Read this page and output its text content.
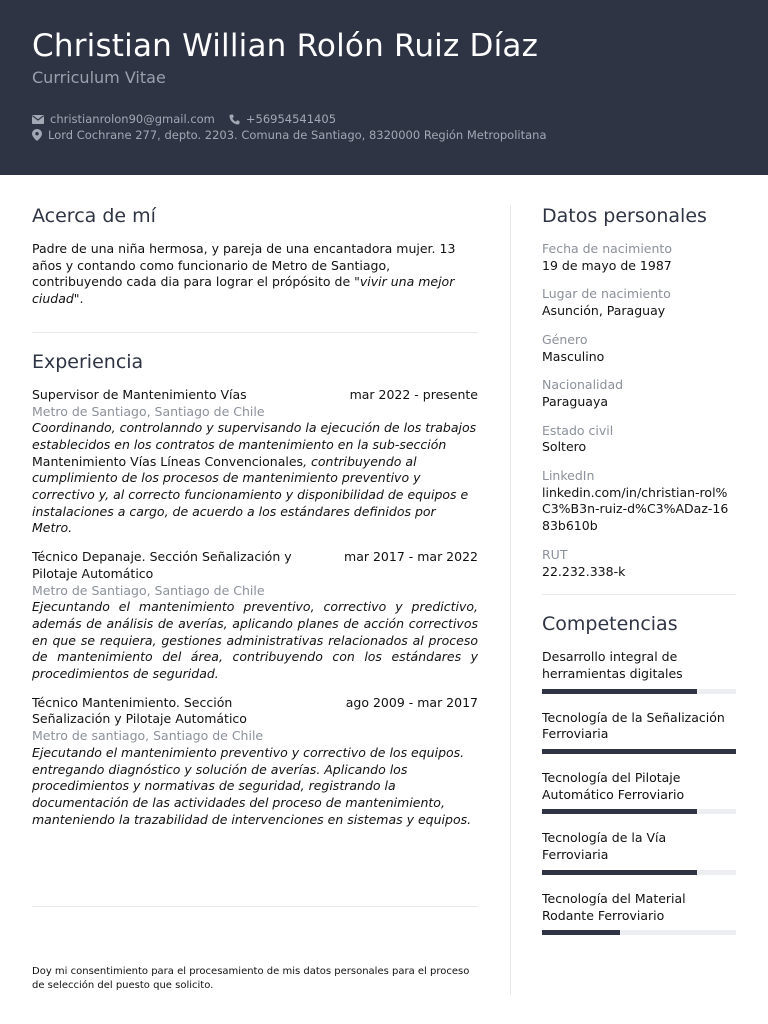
Christian Willian Rolón Ruiz Díaz
Curriculum Vitae
christianrolon90@gmail.com	+56954541405
Lord Cochrane 277, depto. 2203. Comuna de Santiago, 8320000 Región Metropolitana
Acerca de mí
Padre de una niña hermosa, y pareja de una encantadora mujer. 13 años y contando como funcionario de Metro de Santiago, contribuyendo cada dia para lograr el própósito de "vivir una mejor ciudad".
Experiencia
Supervisor de Mantenimiento Vías	mar 2022 - presente
Metro de Santiago, Santiago de Chile
Coordinando, controlanndo y supervisando la ejecución de los trabajos establecidos en los contratos de mantenimiento en la sub-sección Mantenimiento Vías Líneas Convencionales, contribuyendo al cumplimiento de los procesos de mantenimiento preventivo y correctivo y, al correcto funcionamiento y disponibilidad de equipos e instalaciones a cargo, de acuerdo a los estándares definidos por Metro.
Técnico Depanaje. Sección Señalización y Pilotaje Automático
mar 2017 - mar 2022
Metro de Santiago, Santiago de Chile
Ejecuntando el mantenimiento preventivo, correctivo y predictivo, además de análisis de averías, aplicando planes de acción correctivos en que se requiera, gestiones administrativas relacionados al proceso de mantenimiento del área, contribuyendo con los estándares y procedimientos de seguridad.
Técnico Mantenimiento. Sección Señalización y Pilotaje Automático
ago 2009 - mar 2017
Metro de santiago, Santiago de Chile
Ejecutando el mantenimiento preventivo y correctivo de los equipos. entregando diagnóstico y solución de averías. Aplicando los procedimientos y normativas de seguridad, registrando la documentación de las actividades del proceso de mantenimiento, manteniendo la trazabilidad de intervenciones en sistemas y equipos.
Doy mi consentimiento para el procesamiento de mis datos personales para el proceso de selección del puesto que solicito.
Datos personales
Fecha de nacimiento
19 de mayo de 1987
Lugar de nacimiento
Asunción, Paraguay
Género
Masculino
Nacionalidad
Paraguaya
Estado civil
Soltero
LinkedIn
linkedin.com/in/christian-rol%C3%B3n-ruiz-d%C3%ADaz-1683b610b
RUT
22.232.338-k
Competencias
Desarrollo integral de herramientas digitales
Tecnología de la Señalización Ferroviaria
Tecnología del Pilotaje Automático Ferroviario
Tecnología de la Vía Ferroviaria
Tecnología del Material Rodante Ferroviario
